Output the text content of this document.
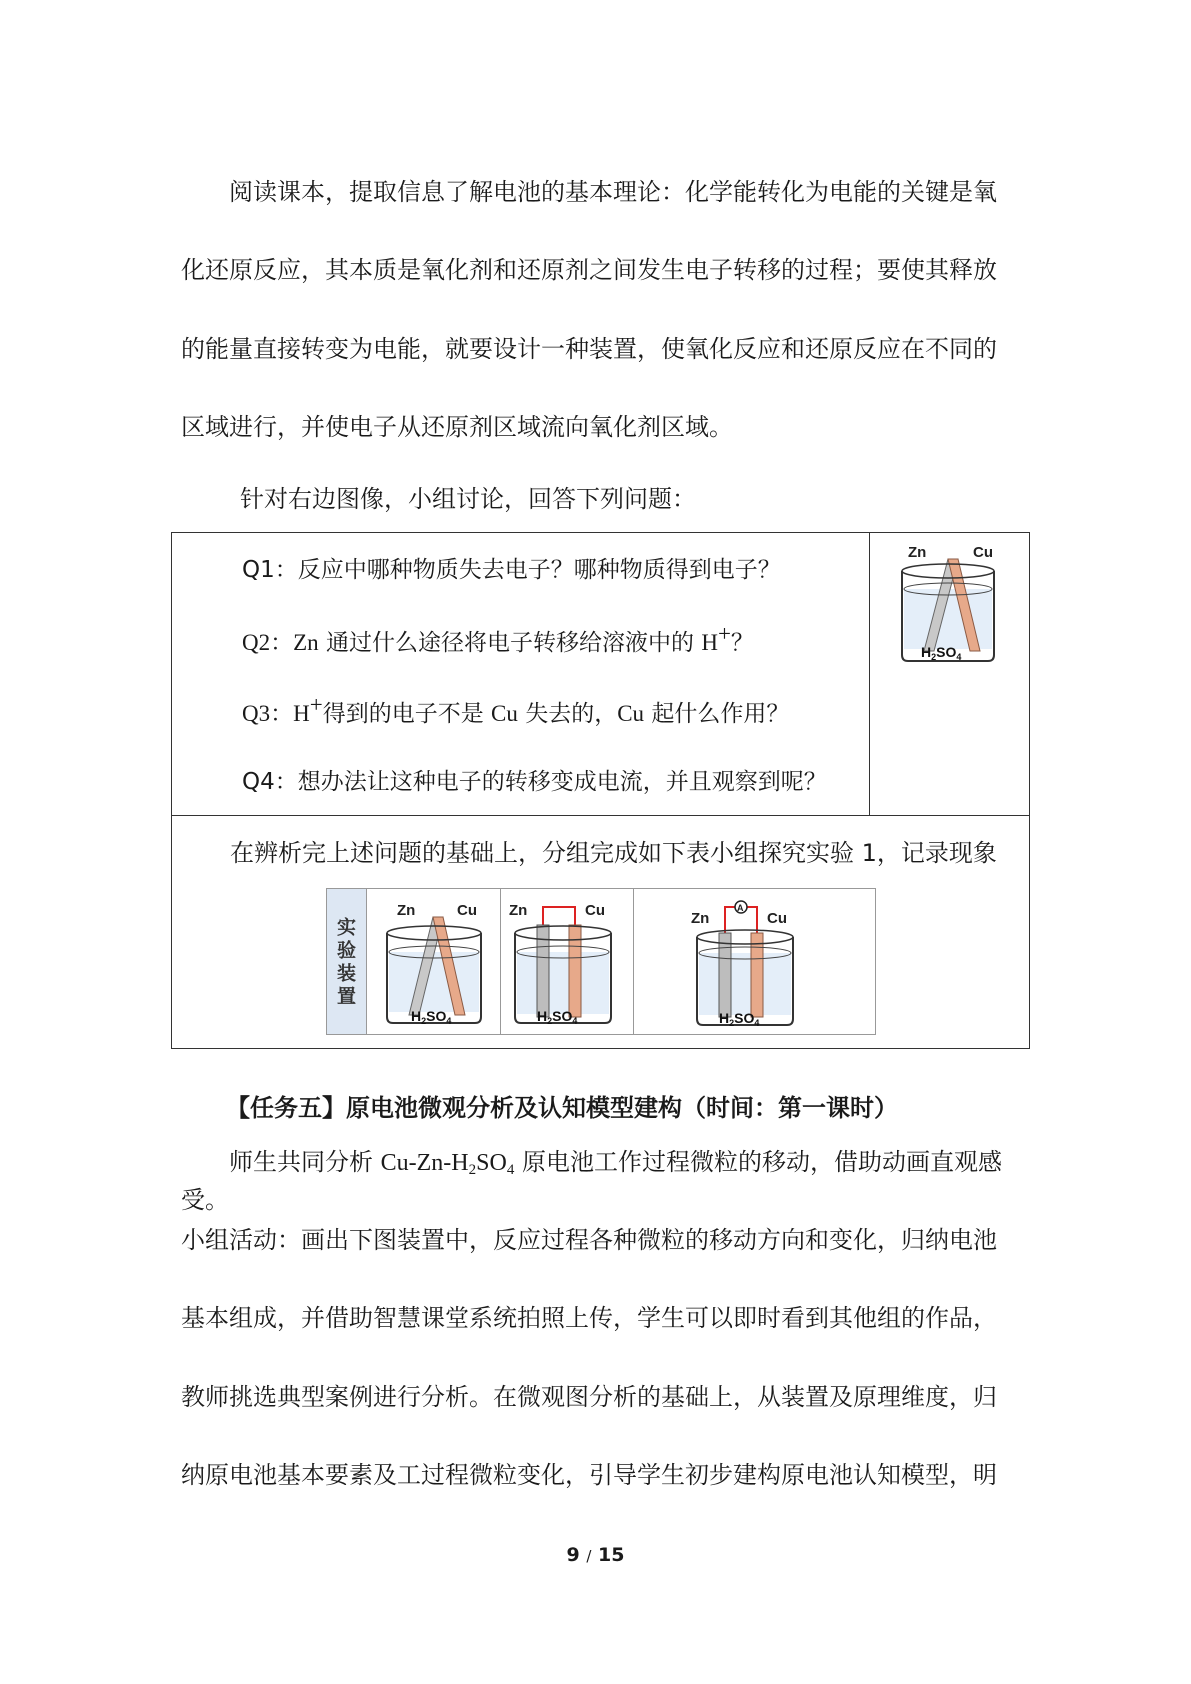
阅读课本，提取信息了解电池的基本理论：化学能转化为电能的关键是氧
化还原反应，其本质是氧化剂和还原剂之间发生电子转移的过程；要使其释放
的能量直接转变为电能，就要设计一种装置，使氧化反应和还原反应在不同的
区域进行，并使电子从还原剂区域流向氧化剂区域。
针对右边图像，小组讨论，回答下列问题：
Q1：反应中哪种物质失去电子？哪种物质得到电子？
Q2：Zn 通过什么途径将电子转移给溶液中的 H+？
Q3：H+得到的电子不是 Cu 失去的，Cu 起什么作用？
Q4：想办法让这种电子的转移变成电流，并且观察到呢？
Zn	Cu
$H_2SO_4$
在辨析完上述问题的基础上，分组完成如下表小组探究实验 1，记录现象
实验装置
Zn	Cu
$H_2SO_4$
Zn	Cu
$H_2SO_4$
Zn	Cu
A
$H_2SO_4$
【任务五】原电池微观分析及认知模型建构（时间：第一课时）
师生共同分析 $Cu-Zn-H_2SO_4$ 原电池工作过程微粒的移动，借助动画直观感
受。
小组活动：画出下图装置中，反应过程各种微粒的移动方向和变化，归纳电池
基本组成，并借助智慧课堂系统拍照上传，学生可以即时看到其他组的作品，
教师挑选典型案例进行分析。在微观图分析的基础上，从装置及原理维度，归
纳原电池基本要素及工过程微粒变化，引导学生初步建构原电池认知模型，明
9 / 15
